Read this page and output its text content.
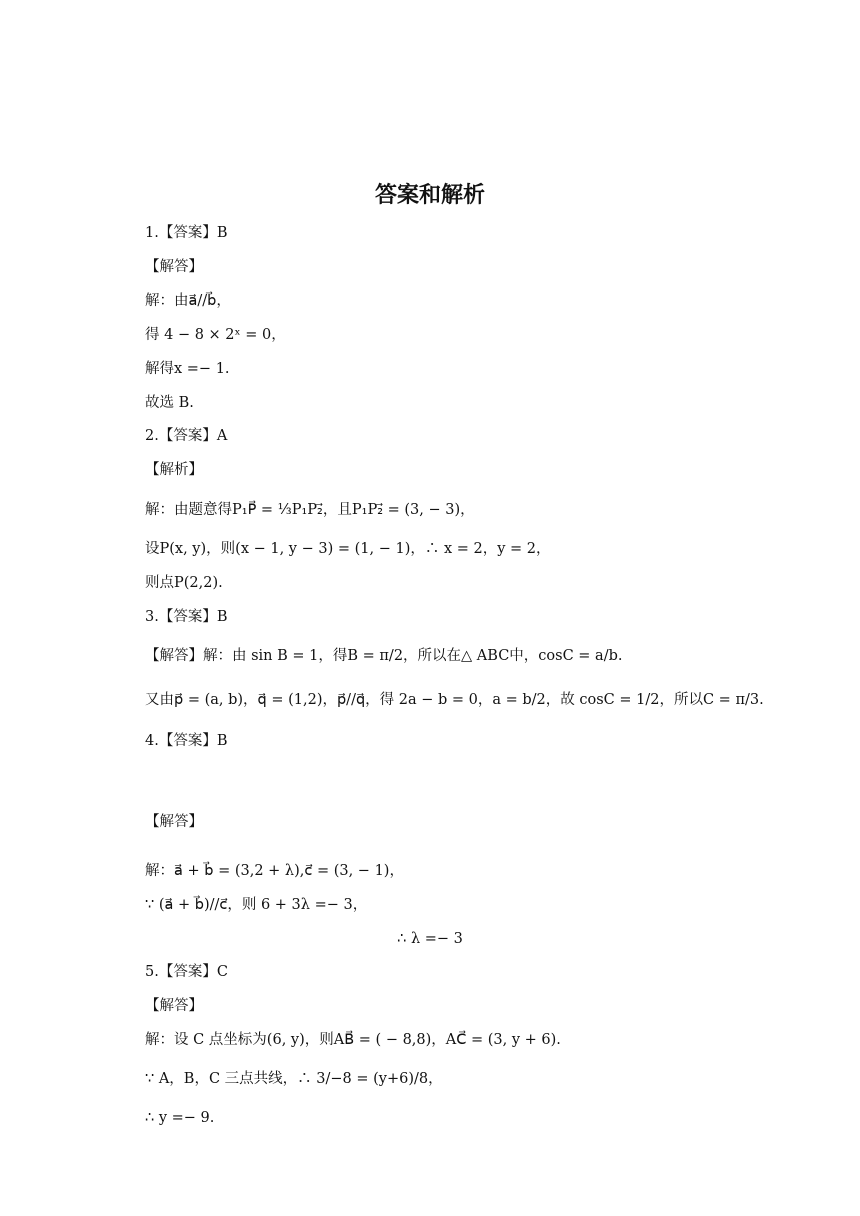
答案和解析
1.【答案】B
【解答】
解：由a⃗//b⃗，
得 4 − 8 × 2ˣ = 0，
解得x =− 1.
故选 B.
2.【答案】A
【解析】
解：由题意得P₁P⃗ = ⅓P₁P₂⃗，且P₁P₂⃗ = (3, − 3)，
设P(x, y)，则(x − 1, y − 3) = (1, − 1)，∴ x = 2，y = 2，
则点P(2,2).
3.【答案】B
【解答】解：由 sin B = 1，得B = π/2，所以在△ ABC中，cosC = a/b.
又由p⃗ = (a, b)，q⃗ = (1,2)，p⃗//q⃗，得 2a − b = 0，a = b/2，故 cosC = 1/2，所以C = π/3.
4.【答案】B
【解答】
解：a⃗ + b⃗ = (3,2 + λ),c⃗ = (3, − 1)，
∵ (a⃗ + b⃗)//c⃗，则 6 + 3λ =− 3，
∴ λ =− 3
5.【答案】C
【解答】
解：设 C 点坐标为(6, y)，则AB⃗ = ( − 8,8)，AC⃗ = (3, y + 6).
∵ A，B，C 三点共线，∴ 3/−8 = (y+6)/8，
∴ y =− 9.
